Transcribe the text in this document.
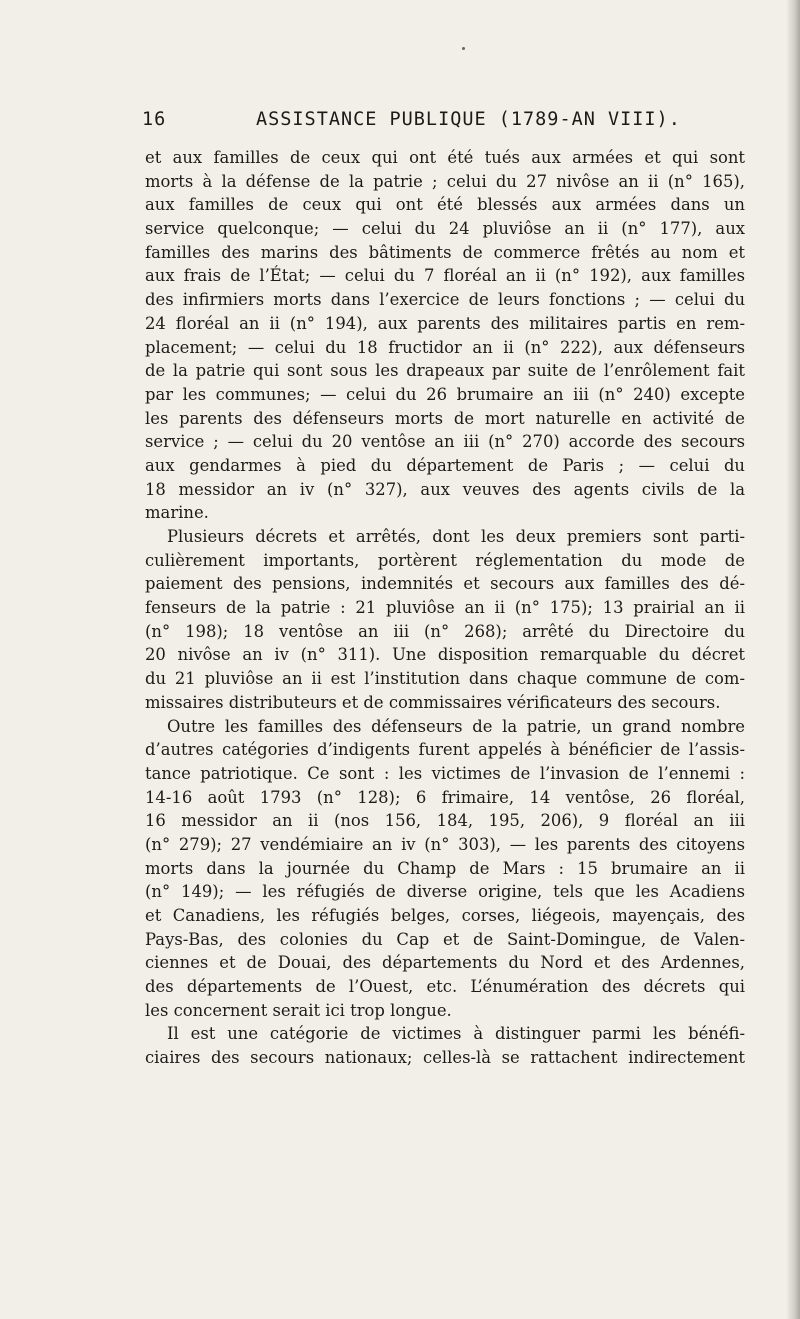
16	ASSISTANCE PUBLIQUE (1789-AN VIII).
et aux familles de ceux qui ont été tués aux armées et qui sont
morts à la défense de la patrie ; celui du 27 nivôse an ii (n° 165),
aux familles de ceux qui ont été blessés aux armées dans un
service quelconque; — celui du 24 pluviôse an ii (n° 177), aux
familles des marins des bâtiments de commerce frêtés au nom et
aux frais de l’État; — celui du 7 floréal an ii (n° 192), aux familles
des infirmiers morts dans l’exercice de leurs fonctions ; — celui du
24 floréal an ii (n° 194), aux parents des militaires partis en rem-
placement; — celui du 18 fructidor an ii (n° 222), aux défenseurs
de la patrie qui sont sous les drapeaux par suite de l’enrôlement fait
par les communes; — celui du 26 brumaire an iii (n° 240) excepte
les parents des défenseurs morts de mort naturelle en activité de
service ; — celui du 20 ventôse an iii (n° 270) accorde des secours
aux gendarmes à pied du département de Paris ; — celui du
18 messidor an iv (n° 327), aux veuves des agents civils de la
marine.
Plusieurs décrets et arrêtés, dont les deux premiers sont parti-
culièrement importants, portèrent réglementation du mode de
paiement des pensions, indemnités et secours aux familles des dé-
fenseurs de la patrie : 21 pluviôse an ii (n° 175); 13 prairial an ii
(n° 198); 18 ventôse an iii (n° 268); arrêté du Directoire du
20 nivôse an iv (n° 311). Une disposition remarquable du décret
du 21 pluviôse an ii est l’institution dans chaque commune de com-
missaires distributeurs et de commissaires vérificateurs des secours.
Outre les familles des défenseurs de la patrie, un grand nombre
d’autres catégories d’indigents furent appelés à bénéficier de l’assis-
tance patriotique. Ce sont : les victimes de l’invasion de l’ennemi :
14-16 août 1793 (n° 128); 6 frimaire, 14 ventôse, 26 floréal,
16 messidor an ii (nos 156, 184, 195, 206), 9 floréal an iii
(n° 279); 27 vendémiaire an iv (n° 303), — les parents des citoyens
morts dans la journée du Champ de Mars : 15 brumaire an ii
(n° 149); — les réfugiés de diverse origine, tels que les Acadiens
et Canadiens, les réfugiés belges, corses, liégeois, mayençais, des
Pays-Bas, des colonies du Cap et de Saint-Domingue, de Valen-
ciennes et de Douai, des départements du Nord et des Ardennes,
des départements de l’Ouest, etc. L’énumération des décrets qui
les concernent serait ici trop longue.
Il est une catégorie de victimes à distinguer parmi les bénéfi-
ciaires des secours nationaux; celles-là se rattachent indirectement
